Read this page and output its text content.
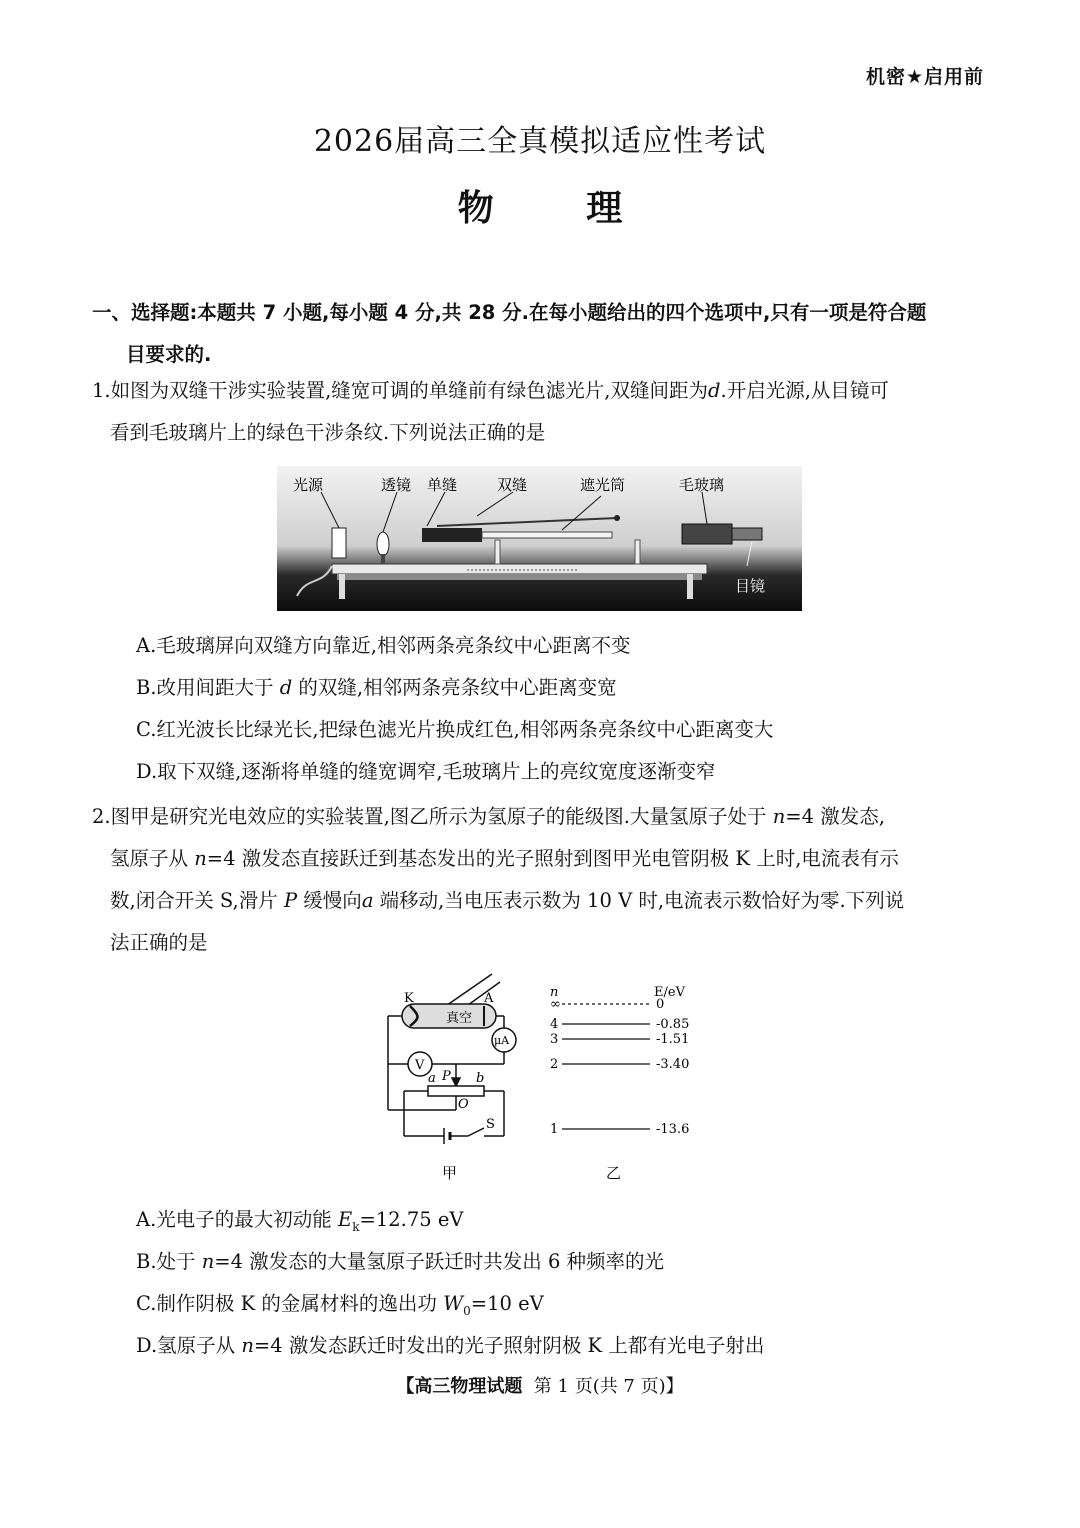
机密★启用前
2026届高三全真模拟适应性考试
物 理
一、选择题:本题共 7 小题,每小题 4 分,共 28 分.在每小题给出的四个选项中,只有一项是符合题
目要求的.
1.如图为双缝干涉实验装置,缝宽可调的单缝前有绿色滤光片,双缝间距为d.开启光源,从目镜可
看到毛玻璃片上的绿色干涉条纹.下列说法正确的是
光源	透镜 单缝	双缝	遮光筒	毛玻璃
目镜
A.毛玻璃屏向双缝方向靠近,相邻两条亮条纹中心距离不变
B.改用间距大于 d 的双缝,相邻两条亮条纹中心距离变宽
C.红光波长比绿光长,把绿色滤光片换成红色,相邻两条亮条纹中心距离变大
D.取下双缝,逐渐将单缝的缝宽调窄,毛玻璃片上的亮纹宽度逐渐变窄
2.图甲是研究光电效应的实验装置,图乙所示为氢原子的能级图.大量氢原子处于 n=4 激发态,
氢原子从 n=4 激发态直接跃迁到基态发出的光子照射到图甲光电管阴极 K 上时,电流表有示
数,闭合开关 S,滑片 P 缓慢向a 端移动,当电压表示数为 10 V 时,电流表示数恰好为零.下列说
法正确的是
K	A
真空
μA
V
a P b
O
S
甲
n	E/eV
∞	0
4	-0.85
3	-1.51
2	-3.40
1	-13.6
乙
A.光电子的最大初动能 $E_k=12.75$ eV
B.处于 n=4 激发态的大量氢原子跃迁时共发出 6 种频率的光
C.制作阴极 K 的金属材料的逸出功 $W_0=10$ eV
D.氢原子从 n=4 激发态跃迁时发出的光子照射阴极 K 上都有光电子射出
【高三物理试题 第 1 页(共 7 页)】
